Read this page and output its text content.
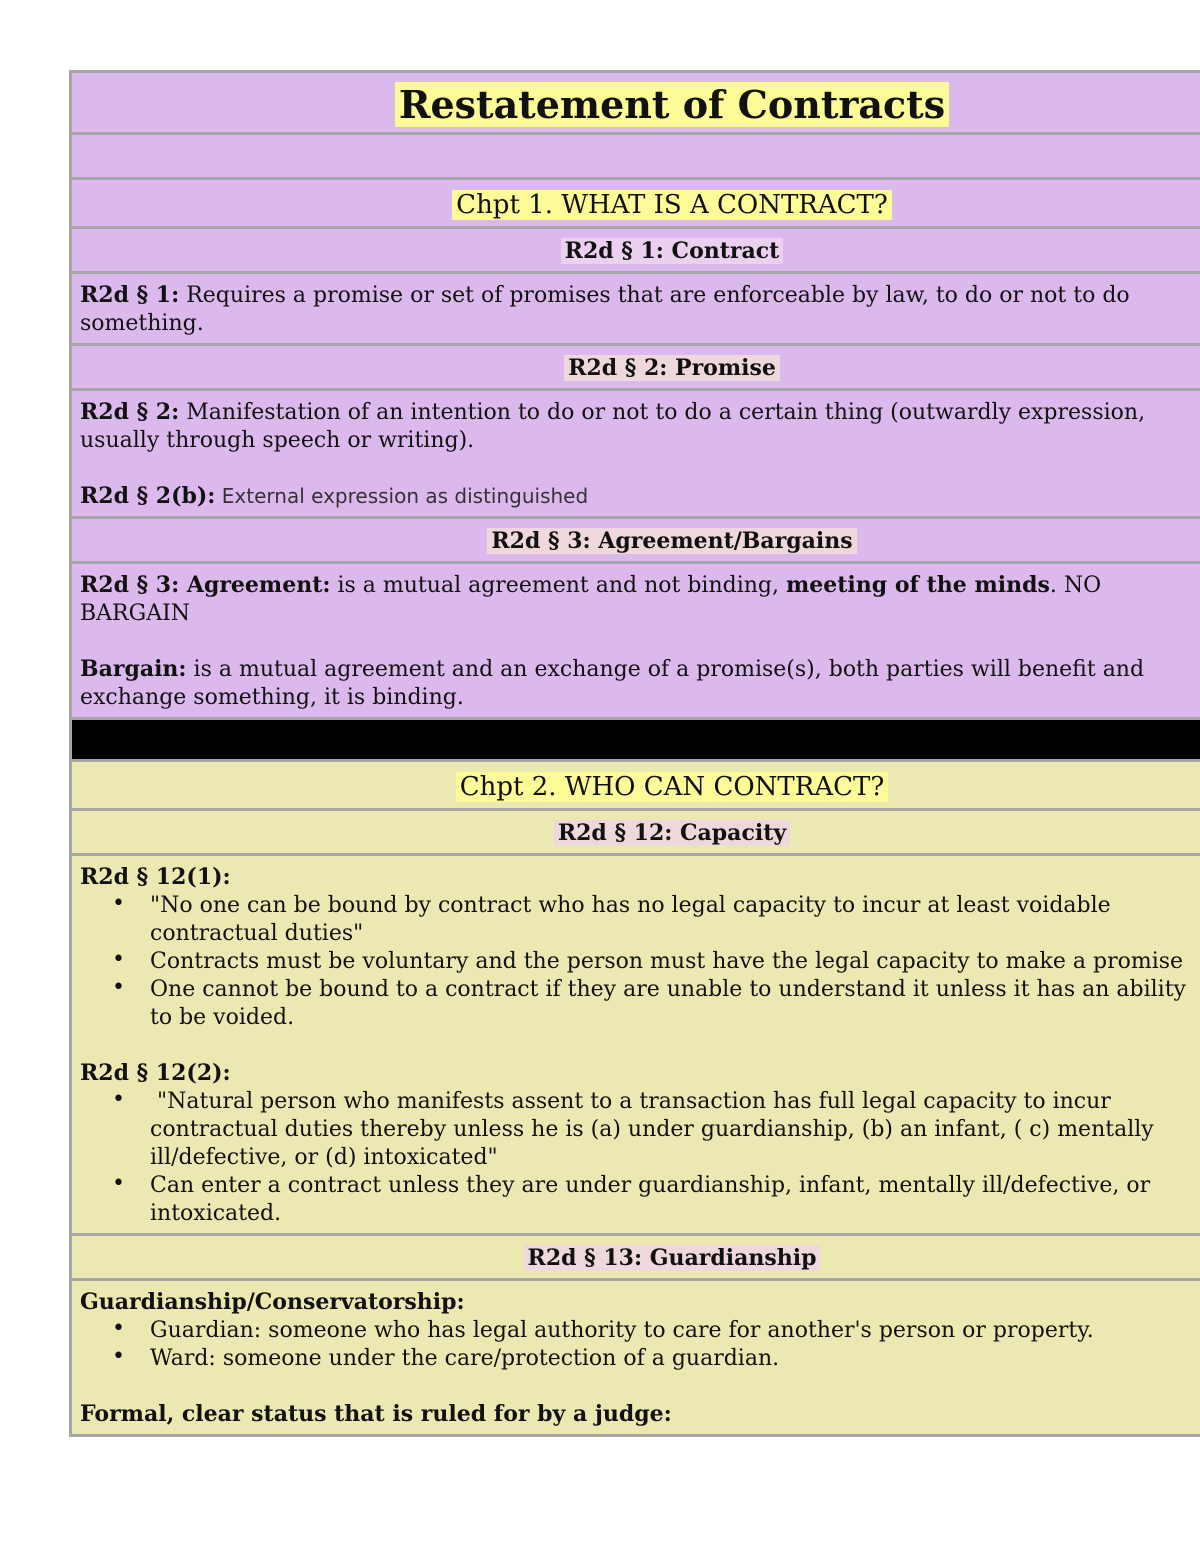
Restatement of Contracts
Chpt 1. WHAT IS A CONTRACT?
R2d § 1: Contract

R2d § 1: Requires a promise or set of promises that are enforceable by law, to do or not to do something.

R2d § 2: Promise

R2d § 2: Manifestation of an intention to do or not to do a certain thing (outwardly expression, usually through speech or writing).

R2d § 2(b): External expression as distinguished

R2d § 3: Agreement/Bargains

R2d § 3: Agreement: is a mutual agreement and not binding, meeting of the minds. NO BARGAIN

Bargain: is a mutual agreement and an exchange of a promise(s), both parties will benefit and exchange something, it is binding.

Chpt 2. WHO CAN CONTRACT?
R2d § 12: Capacity

R2d § 12(1):

• "No one can be bound by contract who has no legal capacity to incur at least voidable contractual duties"
• Contracts must be voluntary and the person must have the legal capacity to make a promise
• One cannot be bound to a contract if they are unable to understand it unless it has an ability to be voided.

R2d § 12(2):

•  "Natural person who manifests assent to a transaction has full legal capacity to incur contractual duties thereby unless he is (a) under guardianship, (b) an infant, ( c) mentally ill/defective, or (d) intoxicated"
• Can enter a contract unless they are under guardianship, infant, mentally ill/defective, or intoxicated.
R2d § 13: Guardianship

Guardianship/Conservatorship:

• Guardian: someone who has legal authority to care for another's person or property.
• Ward: someone under the care/protection of a guardian.

Formal, clear status that is ruled for by a judge:
